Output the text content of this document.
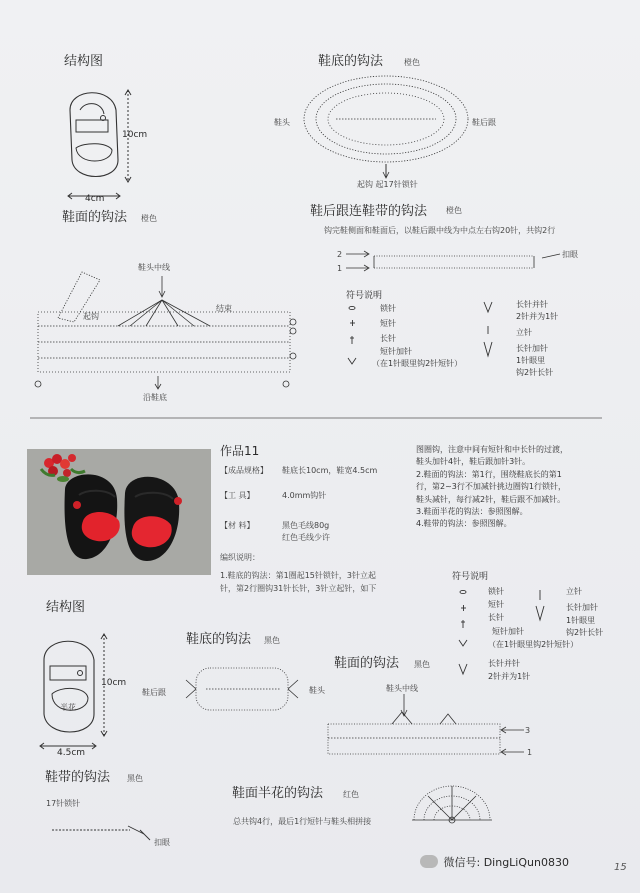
结构图
10cm
4cm
鞋底的钩法	橙色
鞋头	鞋后跟
起钩 起17针锁针
鞋面的钩法 橙色
鞋头中线
起钩
结束
沿鞋底
鞋后跟连鞋带的钩法 橙色
钩完鞋侧面和鞋面后，以鞋后跟中线为中点左右钩20针，共钩2行
2
1
扣眼
符号说明
锁针
短针
长针
短针加针
（在1针眼里钩2针短针）
长针并针
2针并为1针
立针
长针加针
1针眼里
钩2针长针
作品11
【成品规格】 鞋底长10cm，鞋宽4.5cm
【工 具】	4.0mm钩针
【材 料】	黑色毛线80g
红色毛线少许
编织说明：
1.鞋底的钩法：第1圈起15针锁针，3针立起
针，第2行圈钩31针长针，3针立起针，如下
图圈钩，注意中间有短针和中长针的过渡，
鞋头加针4针，鞋后跟加针3针。
2.鞋面的钩法：第1行，围绕鞋底长的第1
行，第2~3行不加减针挑边圈钩1行锁针，
鞋头减针，每行减2针，鞋后跟不加减针。
3.鞋面半花的钩法：参照图解。
4.鞋带的钩法：参照图解。
符号说明
锁针
短针
长针
短针加针
（在1针眼里钩2针短针）
长针并针
2针并为1针
立针
长针加针
1针眼里
钩2针长针
结构图
10cm
4.5cm
半花
鞋底的钩法 黑色
鞋后跟
鞋面的钩法 黑色
鞋头	鞋头中线
3
1
鞋带的钩法 黑色
17针锁针
扣眼
鞋面半花的钩法 红色
总共钩4行，最后1行短针与鞋头相拼接
微信号: DingLiQun0830	15
